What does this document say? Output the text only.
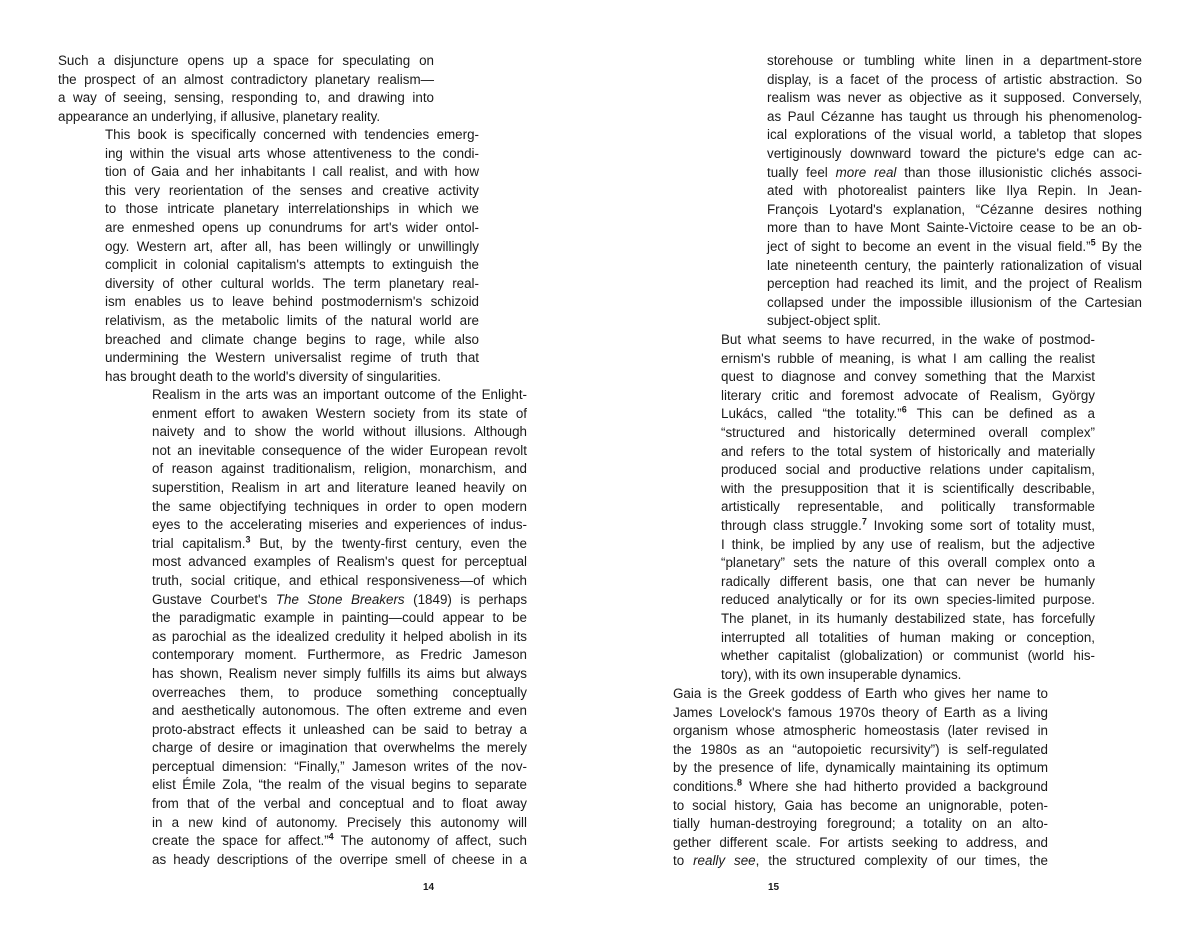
Such a disjuncture opens up a space for speculating on
the prospect of an almost contradictory planetary realism—
a way of seeing, sensing, responding to, and drawing into
appearance an underlying, if allusive, planetary reality.
This book is specifically concerned with tendencies emerg-
ing within the visual arts whose attentiveness to the condi-
tion of Gaia and her inhabitants I call realist, and with how
this very reorientation of the senses and creative activity
to those intricate planetary interrelationships in which we
are enmeshed opens up conundrums for art's wider ontol-
ogy. Western art, after all, has been willingly or unwillingly
complicit in colonial capitalism's attempts to extinguish the
diversity of other cultural worlds. The term planetary real-
ism enables us to leave behind postmodernism's schizoid
relativism, as the metabolic limits of the natural world are
breached and climate change begins to rage, while also
undermining the Western universalist regime of truth that
has brought death to the world's diversity of singularities.
Realism in the arts was an important outcome of the Enlight-
enment effort to awaken Western society from its state of
naivety and to show the world without illusions. Although
not an inevitable consequence of the wider European revolt
of reason against traditionalism, religion, monarchism, and
superstition, Realism in art and literature leaned heavily on
the same objectifying techniques in order to open modern
eyes to the accelerating miseries and experiences of indus-
trial capitalism.$^3$ But, by the twenty-first century, even the
most advanced examples of Realism's quest for perceptual
truth, social critique, and ethical responsiveness—of which
Gustave Courbet's The Stone Breakers (1849) is perhaps
the paradigmatic example in painting—could appear to be
as parochial as the idealized credulity it helped abolish in its
contemporary moment. Furthermore, as Fredric Jameson
has shown, Realism never simply fulfills its aims but always
overreaches them, to produce something conceptually
and aesthetically autonomous. The often extreme and even
proto-abstract effects it unleashed can be said to betray a
charge of desire or imagination that overwhelms the merely
perceptual dimension: “Finally,” Jameson writes of the nov-
elist Émile Zola, “the realm of the visual begins to separate
from that of the verbal and conceptual and to float away
in a new kind of autonomy. Precisely this autonomy will
create the space for affect.”$^4$ The autonomy of affect, such
as heady descriptions of the overripe smell of cheese in a
14
storehouse or tumbling white linen in a department-store
display, is a facet of the process of artistic abstraction. So
realism was never as objective as it supposed. Conversely,
as Paul Cézanne has taught us through his phenomenolog-
ical explorations of the visual world, a tabletop that slopes
vertiginously downward toward the picture's edge can ac-
tually feel more real than those illusionistic clichés associ-
ated with photorealist painters like Ilya Repin. In Jean-
François Lyotard's explanation, “Cézanne desires nothing
more than to have Mont Sainte-Victoire cease to be an ob-
ject of sight to become an event in the visual field.”$^5$ By the
late nineteenth century, the painterly rationalization of visual
perception had reached its limit, and the project of Realism
collapsed under the impossible illusionism of the Cartesian
subject-object split.
But what seems to have recurred, in the wake of postmod-
ernism's rubble of meaning, is what I am calling the realist
quest to diagnose and convey something that the Marxist
literary critic and foremost advocate of Realism, György
Lukács, called “the totality.”$^6$ This can be defined as a
“structured and historically determined overall complex”
and refers to the total system of historically and materially
produced social and productive relations under capitalism,
with the presupposition that it is scientifically describable,
artistically representable, and politically transformable
through class struggle.$^7$ Invoking some sort of totality must,
I think, be implied by any use of realism, but the adjective
“planetary” sets the nature of this overall complex onto a
radically different basis, one that can never be humanly
reduced analytically or for its own species-limited purpose.
The planet, in its humanly destabilized state, has forcefully
interrupted all totalities of human making or conception,
whether capitalist (globalization) or communist (world his-
tory), with its own insuperable dynamics.
Gaia is the Greek goddess of Earth who gives her name to
James Lovelock's famous 1970s theory of Earth as a living
organism whose atmospheric homeostasis (later revised in
the 1980s as an “autopoietic recursivity”) is self-regulated
by the presence of life, dynamically maintaining its optimum
conditions.$^8$ Where she had hitherto provided a background
to social history, Gaia has become an unignorable, poten-
tially human-destroying foreground; a totality on an alto-
gether different scale. For artists seeking to address, and
to really see, the structured complexity of our times, the
15
